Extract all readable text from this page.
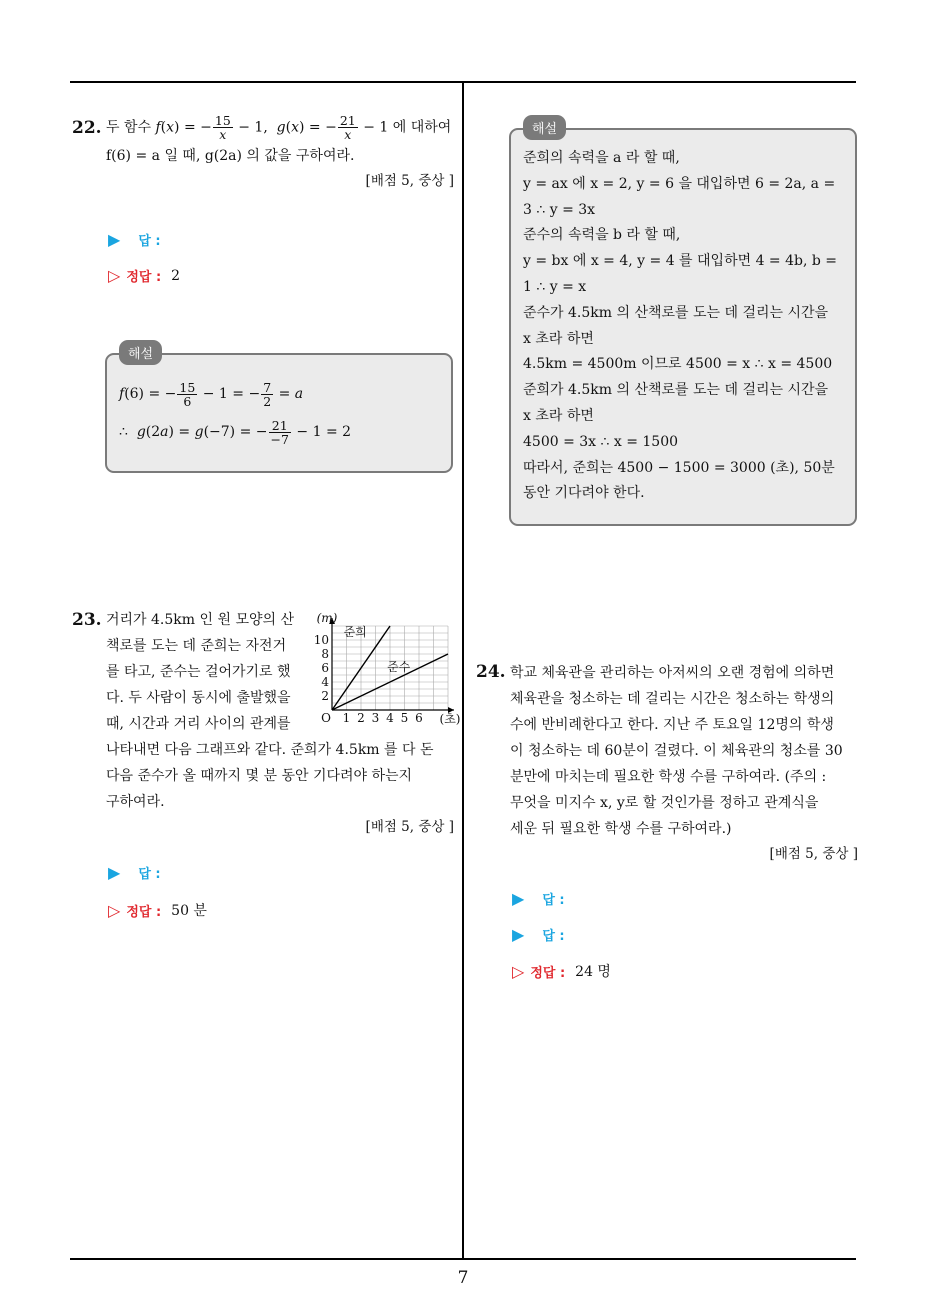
22. 두 함수 f(x) = − $\frac{15}{x} - 1$,  g(x) = − $\frac{21}{x} - 1$ 에 대하여
f(6) = a 일 때, g(2a) 의 값을 구하여라.
[배점 5, 중상 ]
▶ 답 :
▷ 정답 : 2
해설
f(6) = − $\frac{15}{6} - 1$ = − $\frac{7}{2} = a$
∴  g(2a) = g(−7) = − $\frac{21}{-7} - 1 = 2$
23. 거리가 4.5km 인 원 모양의 산
책로를 도는 데 준희는 자전거
를 타고, 준수는 걸어가기로 했
다. 두 사람이 동시에 출발했을
때, 시간과 거리 사이의 관계를
나타내면 다음 그래프와 같다. 준희가 4.5km 를 다 돈
다음 준수가 올 때까지 몇 분 동안 기다려야 하는지
구하여라.
[배점 5, 중상 ]
1 2 3 4 5 6
2
4
6
8
10
O
(m)
(초)
준희
준수
▶ 답 :
▷ 정답 : 50 분
해설
준희의 속력을 a 라 할 때,
y = ax 에 x = 2, y = 6 을 대입하면 6 = 2a, a =
3 ∴ y = 3x
준수의 속력을 b 라 할 때,
y = bx 에 x = 4, y = 4 를 대입하면 4 = 4b, b =
1 ∴ y = x
준수가 4.5km 의 산책로를 도는 데 걸리는 시간을
x 초라 하면
4.5km = 4500m 이므로 4500 = x ∴ x = 4500
준희가 4.5km 의 산책로를 도는 데 걸리는 시간을
x 초라 하면
4500 = 3x ∴ x = 1500
따라서, 준희는 4500 − 1500 = 3000 (초), 50분
동안 기다려야 한다.
24. 학교 체육관을 관리하는 아저씨의 오랜 경험에 의하면
체육관을 청소하는 데 걸리는 시간은 청소하는 학생의
수에 반비례한다고 한다. 지난 주 토요일 12명의 학생
이 청소하는 데 60분이 걸렸다. 이 체육관의 청소를 30
분만에 마치는데 필요한 학생 수를 구하여라. (주의 :
무엇을 미지수 x, y로 할 것인가를 정하고 관계식을
세운 뒤 필요한 학생 수를 구하여라.)
[배점 5, 중상 ]
▶ 답 :
▶ 답 :
▷ 정답 : 24 명
7
